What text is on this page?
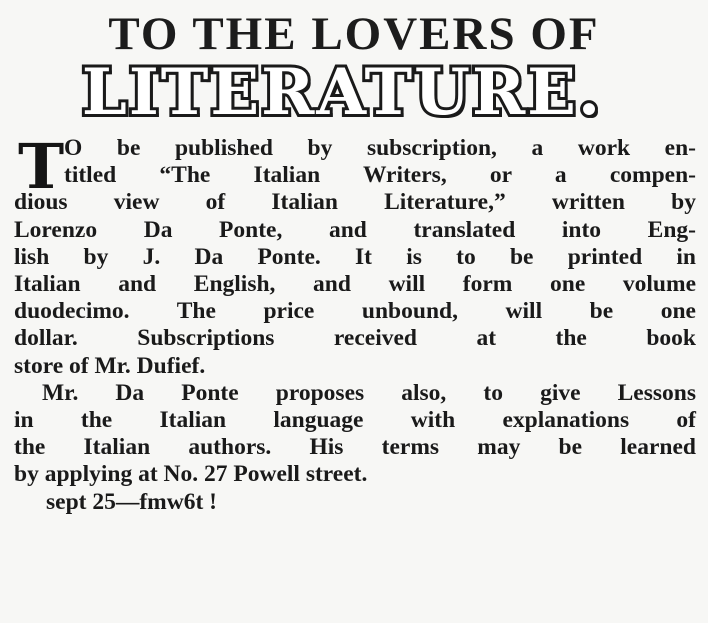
TO THE LOVERS OF
LITERATURE.
T O be published by subscription, a work en-
titled “The Italian Writers, or a compen-
dious view of Italian Literature,” written by
Lorenzo Da Ponte, and translated into Eng-
lish by J. Da Ponte. It is to be printed in
Italian and English, and will form one volume
duodecimo. The price unbound, will be one
dollar. Subscriptions received at the book
store of Mr. Dufief.
Mr. Da Ponte proposes also, to give Lessons
in the Italian language with explanations of
the Italian authors. His terms may be learned
by applying at No. 27 Powell street.
sept 25—fmw6t !
